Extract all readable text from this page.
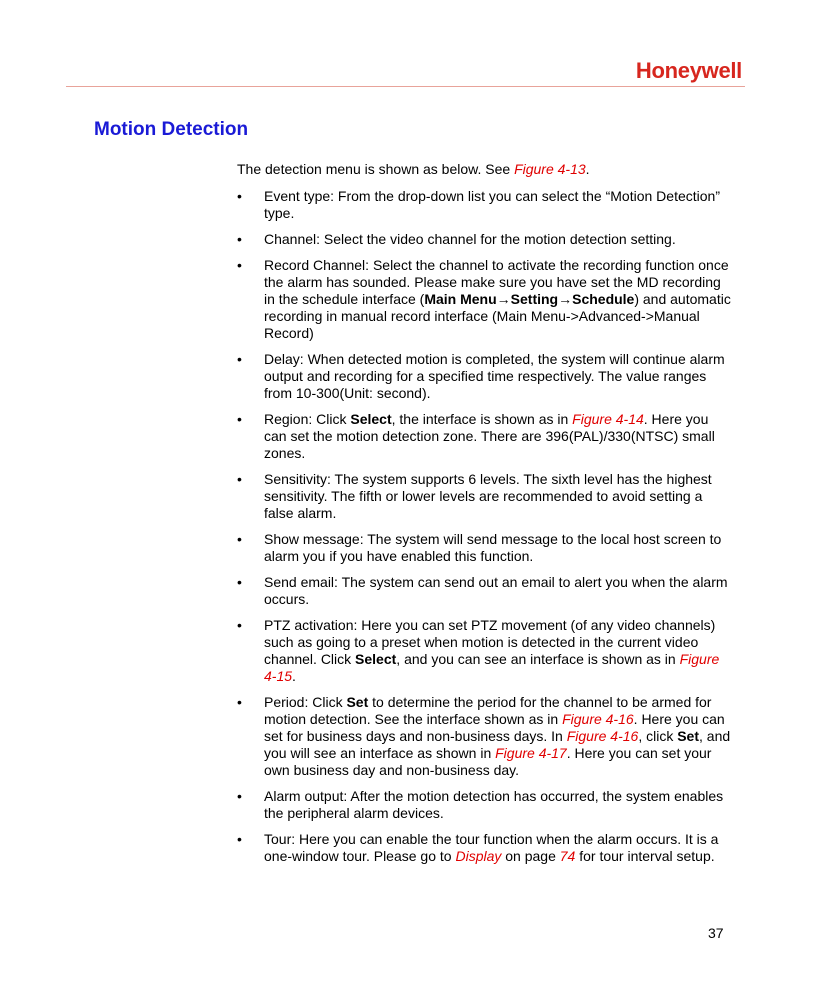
Honeywell
Motion Detection

The detection menu is shown as below. See Figure 4-13.

• Event type: From the drop-down list you can select the “Motion Detection” type.
• Channel: Select the video channel for the motion detection setting.
• Record Channel: Select the channel to activate the recording function once the alarm has sounded. Please make sure you have set the MD recording in the schedule interface (Main Menu→Setting→Schedule) and automatic recording in manual record interface (Main Menu->Advanced->Manual Record)
• Delay: When detected motion is completed, the system will continue alarm output and recording for a specified time respectively. The value ranges from 10-300(Unit: second).
• Region: Click Select, the interface is shown as in Figure 4-14. Here you can set the motion detection zone. There are 396(PAL)/330(NTSC) small zones.
• Sensitivity: The system supports 6 levels. The sixth level has the highest sensitivity. The fifth or lower levels are recommended to avoid setting a false alarm.
• Show message: The system will send message to the local host screen to alarm you if you have enabled this function.
• Send email: The system can send out an email to alert you when the alarm occurs.
• PTZ activation: Here you can set PTZ movement (of any video channels) such as going to a preset when motion is detected in the current video channel. Click Select, and you can see an interface is shown as in Figure 4-15.
• Period: Click Set to determine the period for the channel to be armed for motion detection. See the interface shown as in Figure 4-16. Here you can set for business days and non-business days. In Figure 4-16, click Set, and you will see an interface as shown in Figure 4-17. Here you can set your own business day and non-business day.
• Alarm output: After the motion detection has occurred, the system enables the peripheral alarm devices.
• Tour: Here you can enable the tour function when the alarm occurs. It is a one-window tour. Please go to Display on page 74 for tour interval setup.
37
